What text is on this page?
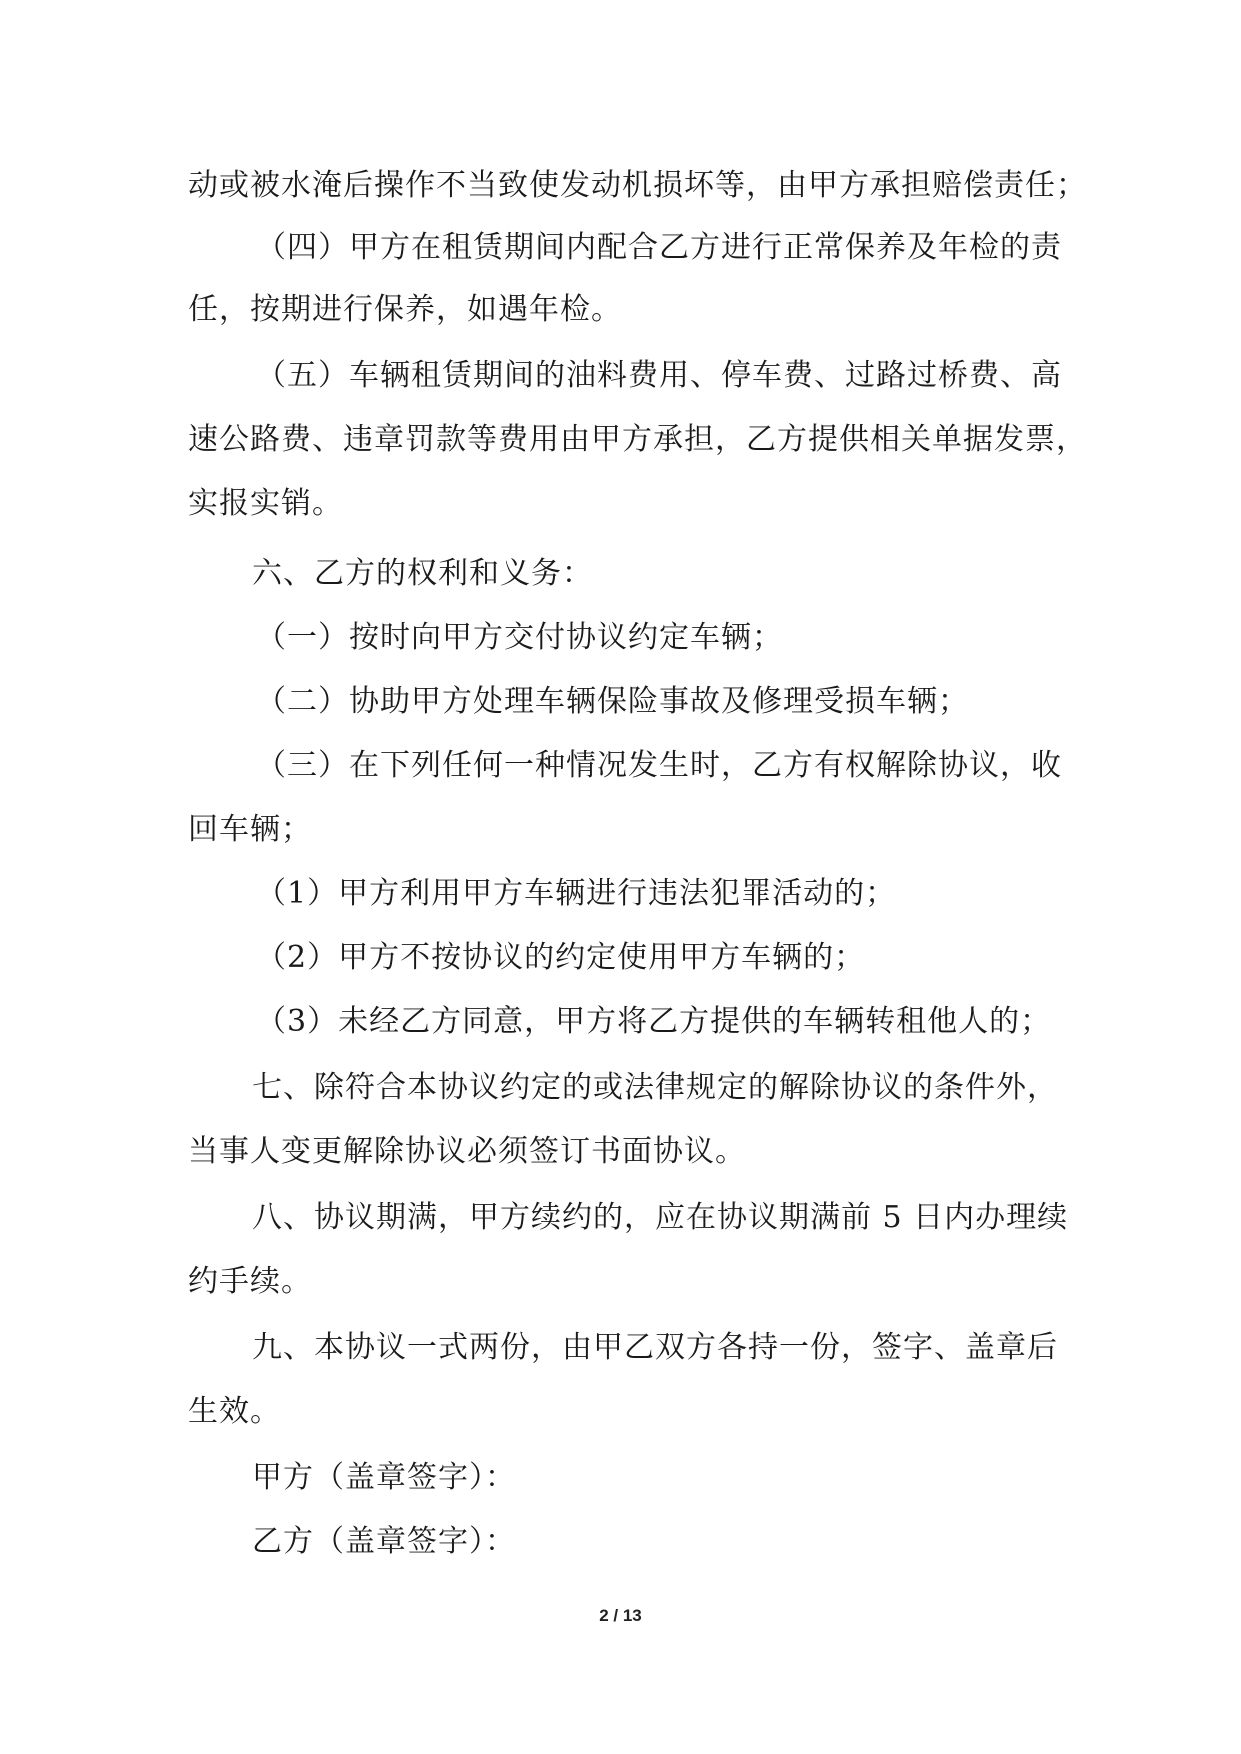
动或被水淹后操作不当致使发动机损坏等，由甲方承担赔偿责任；
（四）甲方在租赁期间内配合乙方进行正常保养及年检的责
任，按期进行保养，如遇年检。
（五）车辆租赁期间的油料费用、停车费、过路过桥费、高
速公路费、违章罚款等费用由甲方承担，乙方提供相关单据发票，
实报实销。
六、乙方的权利和义务：
（一）按时向甲方交付协议约定车辆；
（二）协助甲方处理车辆保险事故及修理受损车辆；
（三）在下列任何一种情况发生时，乙方有权解除协议，收
回车辆；
（1）甲方利用甲方车辆进行违法犯罪活动的；
（2）甲方不按协议的约定使用甲方车辆的；
（3）未经乙方同意，甲方将乙方提供的车辆转租他人的；
七、除符合本协议约定的或法律规定的解除协议的条件外，
当事人变更解除协议必须签订书面协议。
八、协议期满，甲方续约的，应在协议期满前 5 日内办理续
约手续。
九、本协议一式两份，由甲乙双方各持一份，签字、盖章后
生效。
甲方（盖章签字）：
乙方（盖章签字）：
2 / 13
